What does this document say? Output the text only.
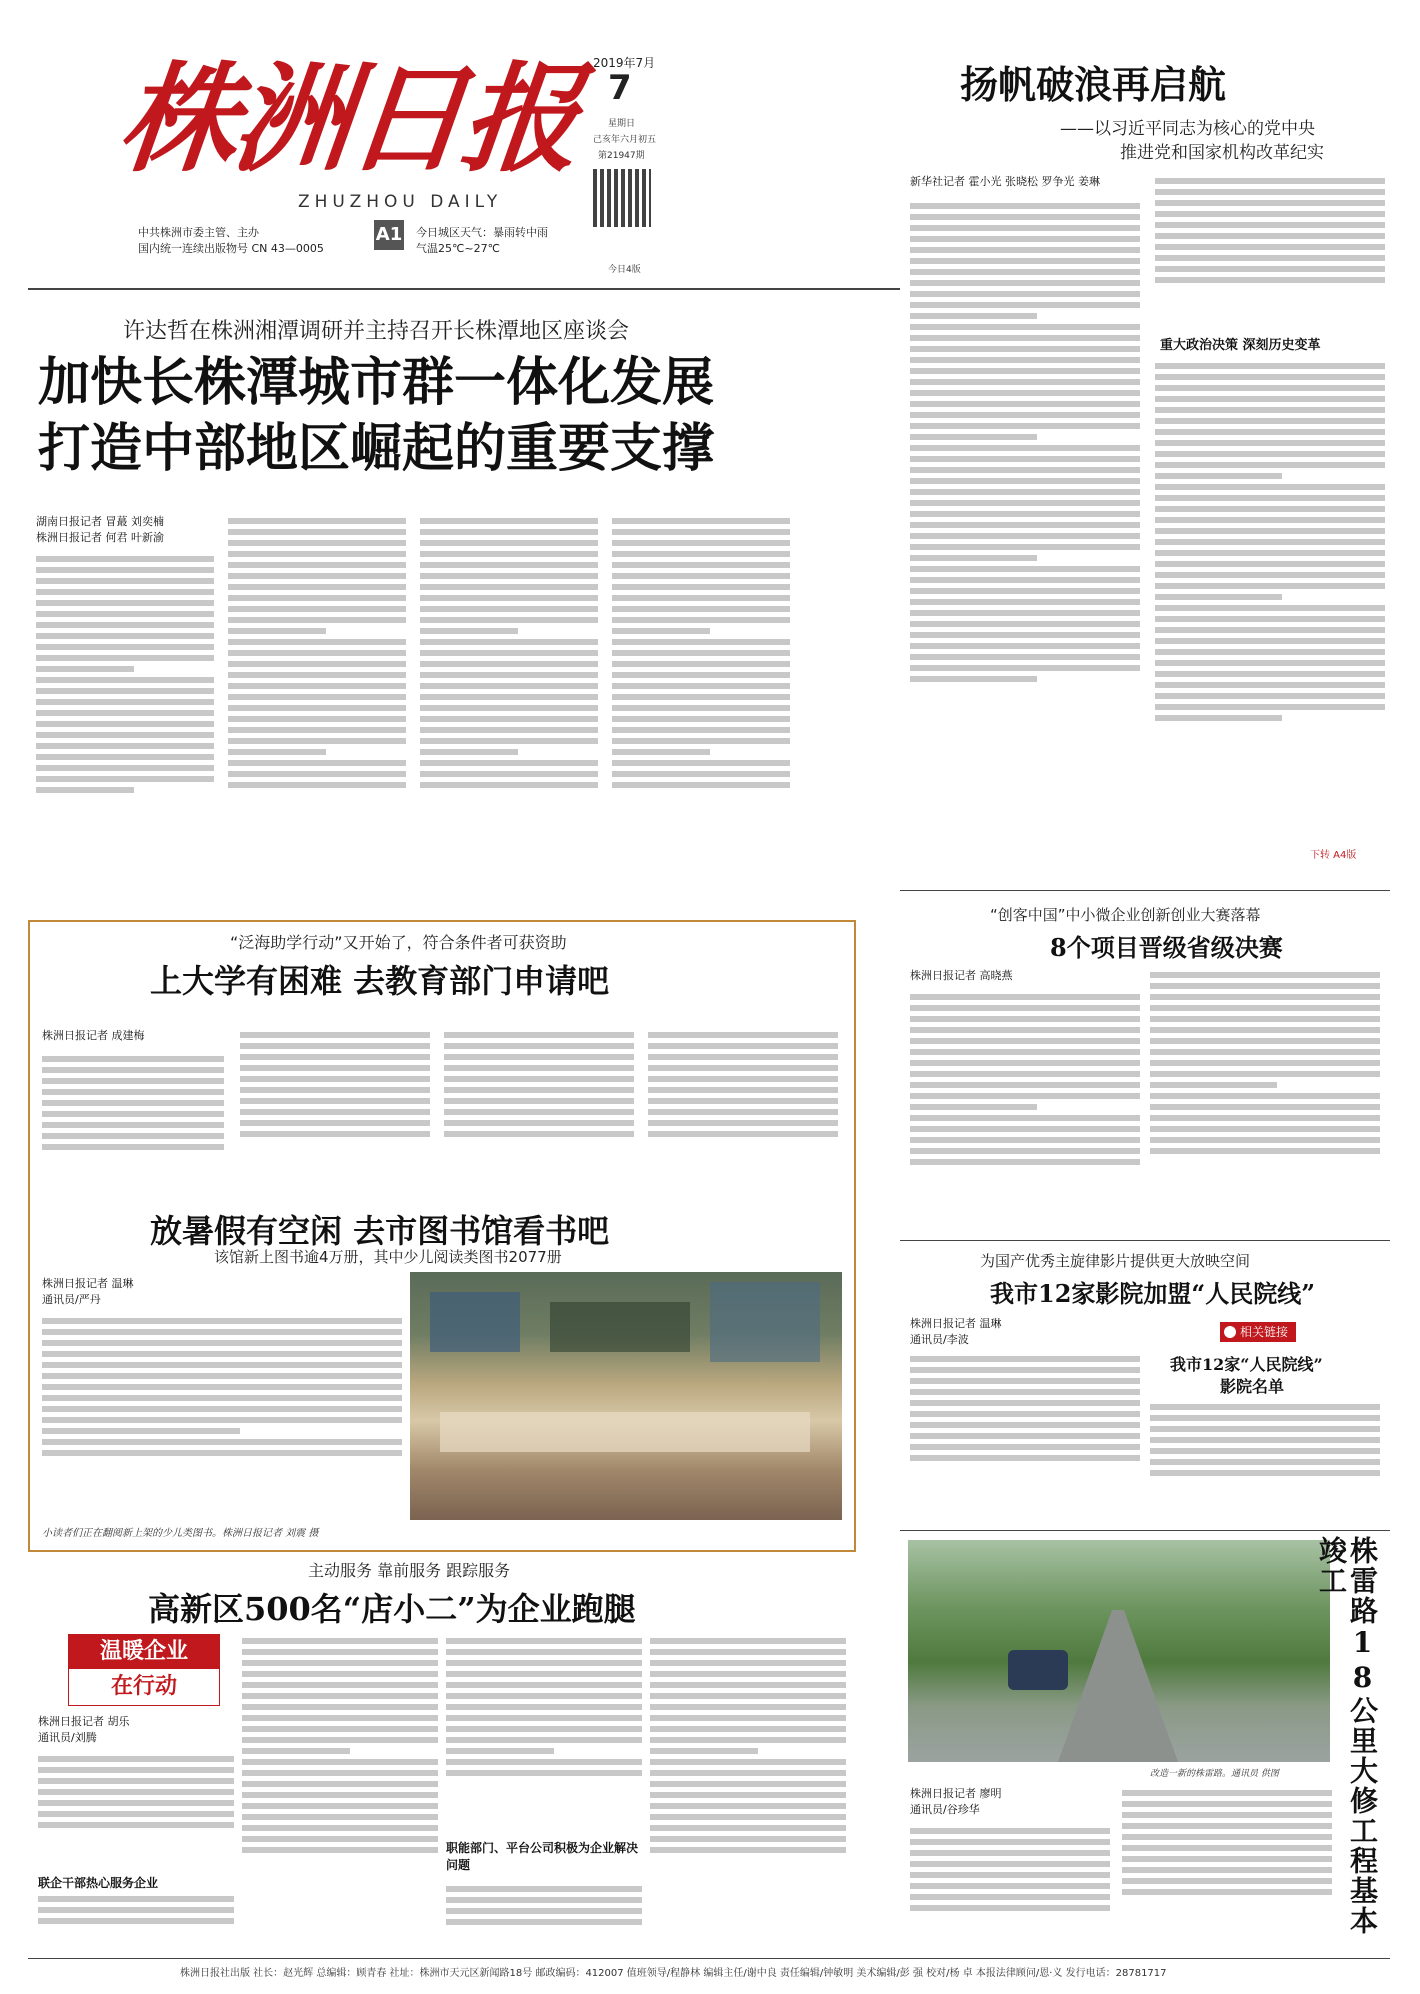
株洲日报
ZHUZHOU DAILY
中共株洲市委主管、主办
国内统一连续出版物号 CN 43—0005
A1 今日城区天气：暴雨转中雨
气温25℃~27℃
2019年7月
7
星期日
己亥年六月初五
第21947期
今日4版
扬帆破浪再启航
——以习近平同志为核心的党中央
推进党和国家机构改革纪实
新华社记者 霍小光 张晓松 罗争光 姜琳
重大政治决策 深刻历史变革
下转 A4版
许达哲在株洲湘潭调研并主持召开长株潭地区座谈会
加快长株潭城市群一体化发展
打造中部地区崛起的重要支撑
湖南日报记者 冒蕞 刘奕楠
株洲日报记者 何君 叶新渝
“泛海助学行动”又开始了，符合条件者可获资助
上大学有困难 去教育部门申请吧
株洲日报记者 成建梅
放暑假有空闲 去市图书馆看书吧
该馆新上图书逾4万册，其中少儿阅读类图书2077册
株洲日报记者 温琳
通讯员/严丹
小读者们正在翻阅新上架的少儿类图书。株洲日报记者 刘震 摄
“创客中国”中小微企业创新创业大赛落幕
8个项目晋级省级决赛
株洲日报记者 高晓燕
为国产优秀主旋律影片提供更大放映空间
我市12家影院加盟“人民院线”
株洲日报记者 温琳
通讯员/李波
相关链接
我市12家“人民院线”
影院名单
主动服务 靠前服务 跟踪服务
高新区500名“店小二”为企业跑腿
温暖企业
在行动
株洲日报记者 胡乐
通讯员/刘腾
联企干部热心服务企业
职能部门、平台公司积极为企业解决问题
改造一新的株雷路。通讯员 供图 株雷路18公里大修工程基本竣工
株洲日报记者 廖明
通讯员/谷珍华
株洲日报社出版 社长：赵光辉 总编辑：顾青春 社址：株洲市天元区新闻路18号 邮政编码：412007 值班领导/程静林 编辑主任/谢中良 责任编辑/钟敏明 美术编辑/彭 强 校对/杨 卓 本报法律顾问/恩·义 发行电话：28781717
